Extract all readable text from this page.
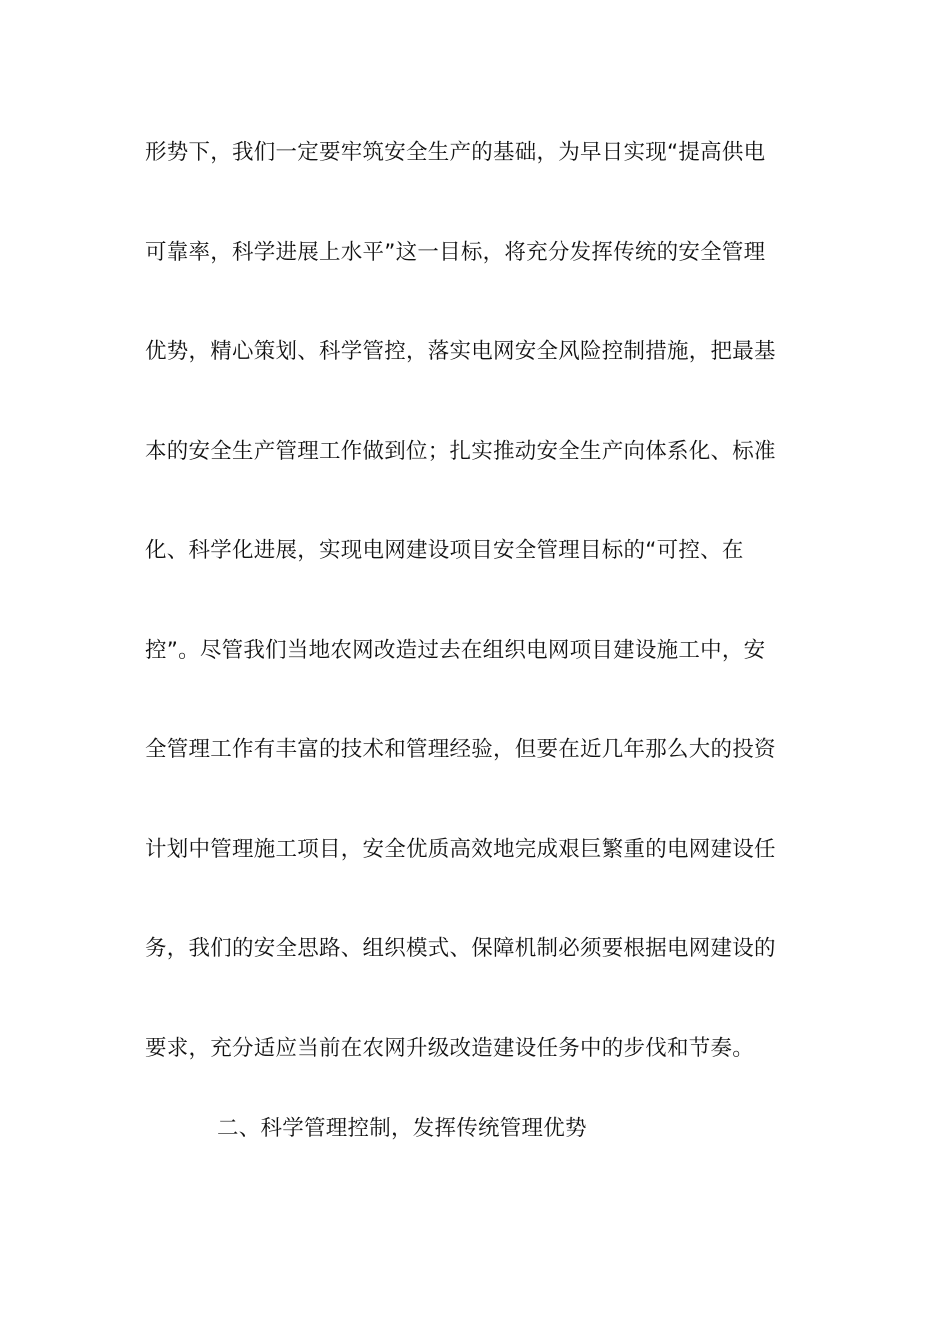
形势下，我们一定要牢筑安全生产的基础，为早日实现“提高供电
可靠率，科学进展上水平”这一目标，将充分发挥传统的安全管理
优势，精心策划、科学管控，落实电网安全风险控制措施，把最基
本的安全生产管理工作做到位；扎实推动安全生产向体系化、标准
化、科学化进展，实现电网建设项目安全管理目标的“可控、在
控”。尽管我们当地农网改造过去在组织电网项目建设施工中，安
全管理工作有丰富的技术和管理经验，但要在近几年那么大的投资
计划中管理施工项目，安全优质高效地完成艰巨繁重的电网建设任
务，我们的安全思路、组织模式、保障机制必须要根据电网建设的
要求，充分适应当前在农网升级改造建设任务中的步伐和节奏。
二、科学管理控制，发挥传统管理优势
